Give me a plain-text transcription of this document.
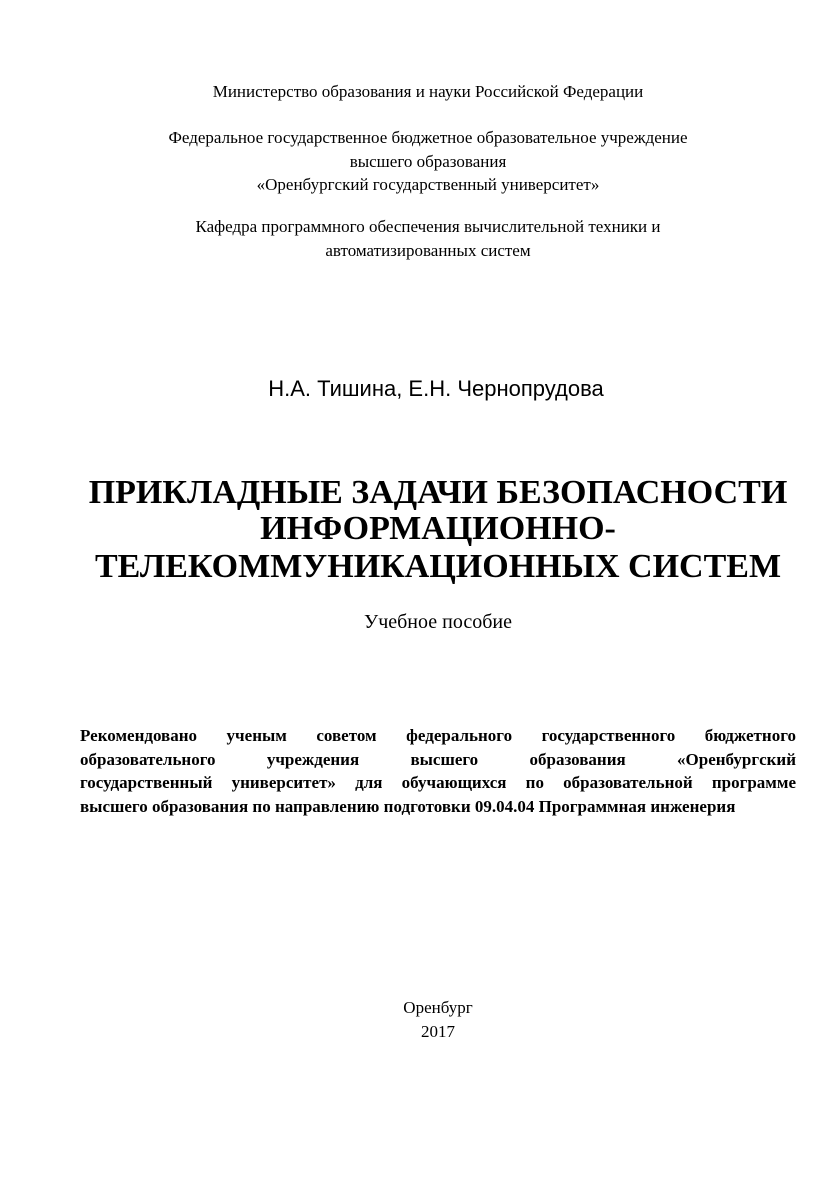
Министерство образования и науки Российской Федерации
Федеральное государственное бюджетное образовательное учреждение
высшего образования
«Оренбургский государственный университет»
Кафедра программного обеспечения вычислительной техники и
автоматизированных систем
Н.А. Тишина, Е.Н. Чернопрудова
ПРИКЛАДНЫЕ ЗАДАЧИ БЕЗОПАСНОСТИ
ИНФОРМАЦИОННО-
ТЕЛЕКОММУНИКАЦИОННЫХ СИСТЕМ
Учебное пособие
Рекомендовано ученым советом федерального государственного бюджетного
образовательного учреждения высшего образования «Оренбургский
государственный университет» для обучающихся по образовательной программе
высшего образования по направлению подготовки 09.04.04 Программная инженерия
Оренбург
2017
